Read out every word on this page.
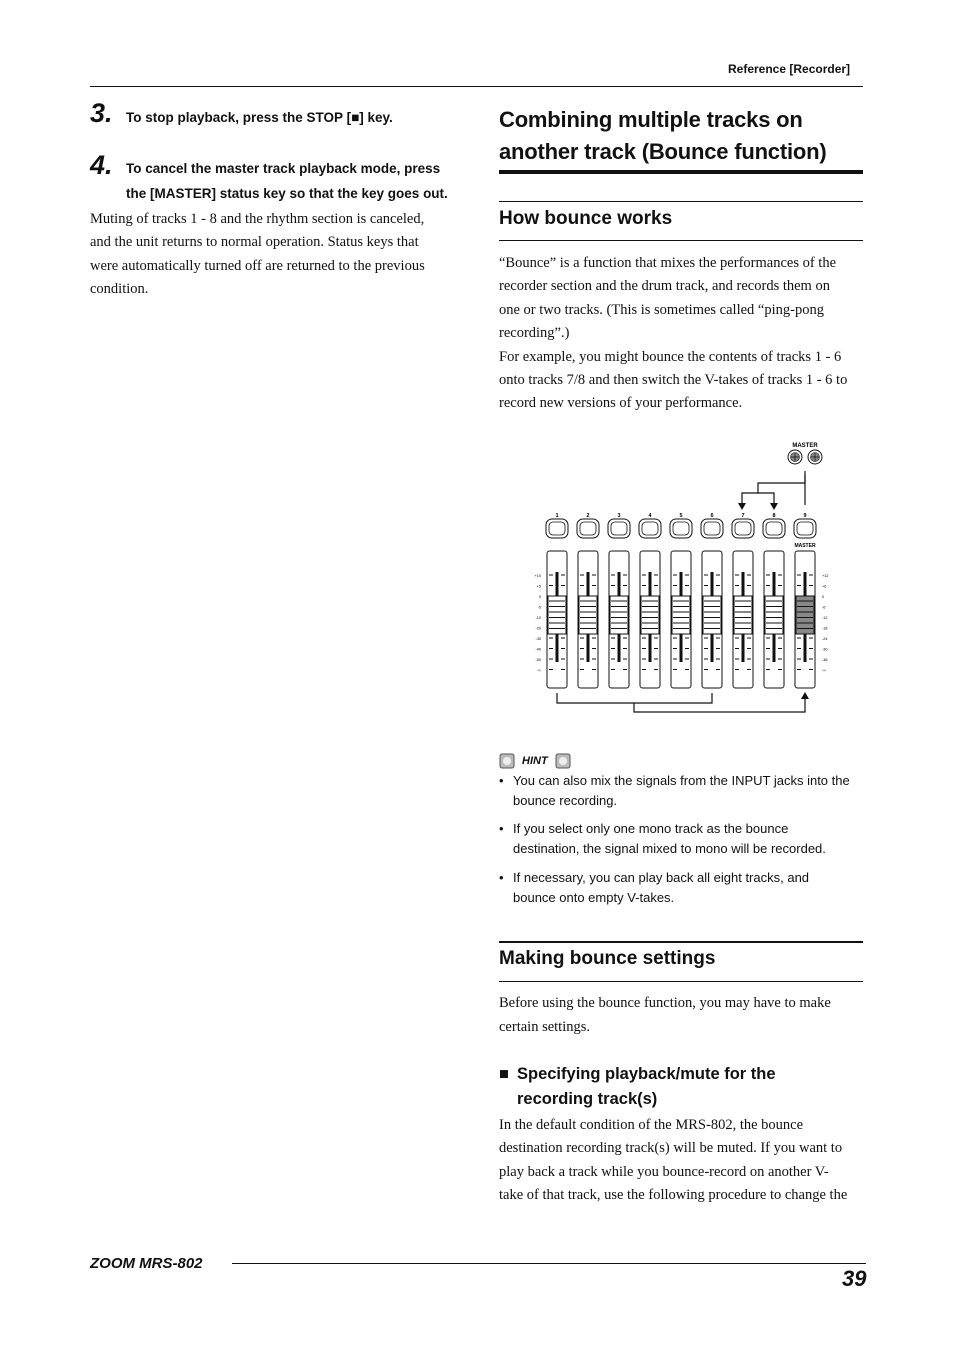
Reference [Recorder]
3. To stop playback, press the STOP [■] key.
4. To cancel the master track playback mode, press
the [MASTER] status key so that the key goes out.
Muting of tracks 1 - 8 and the rhythm section is canceled,
and the unit returns to normal operation. Status keys that
were automatically turned off are returned to the previous
condition.
Combining multiple tracks on
another track (Bounce function)
How bounce works
“Bounce” is a function that mixes the performances of the
recorder section and the drum track, and records them on
one or two tracks. (This is sometimes called “ping-pong
recording”.)
For example, you might bounce the contents of tracks 1 - 6
onto tracks 7/8 and then switch the V-takes of tracks 1 - 6 to
record new versions of your performance.
MASTER
1	2	3	4	5	6	7	8	9
MASTER
+10
+5
0
-5
-10
-20
-30
-40
-50
-∞
+12
+6
0
-6
-12
-18
-24
-30
-36
-∞
HINT
• You can also mix the signals from the INPUT jacks into the
bounce recording.
• If you select only one mono track as the bounce
destination, the signal mixed to mono will be recorded.
• If necessary, you can play back all eight tracks, and
bounce onto empty V-takes.
Making bounce settings
Before using the bounce function, you may have to make
certain settings.
■ Specifying playback/mute for the
recording track(s)
In the default condition of the MRS-802, the bounce
destination recording track(s) will be muted. If you want to
play back a track while you bounce-record on another V-
take of that track, use the following procedure to change the
ZOOM MRS-802
39
